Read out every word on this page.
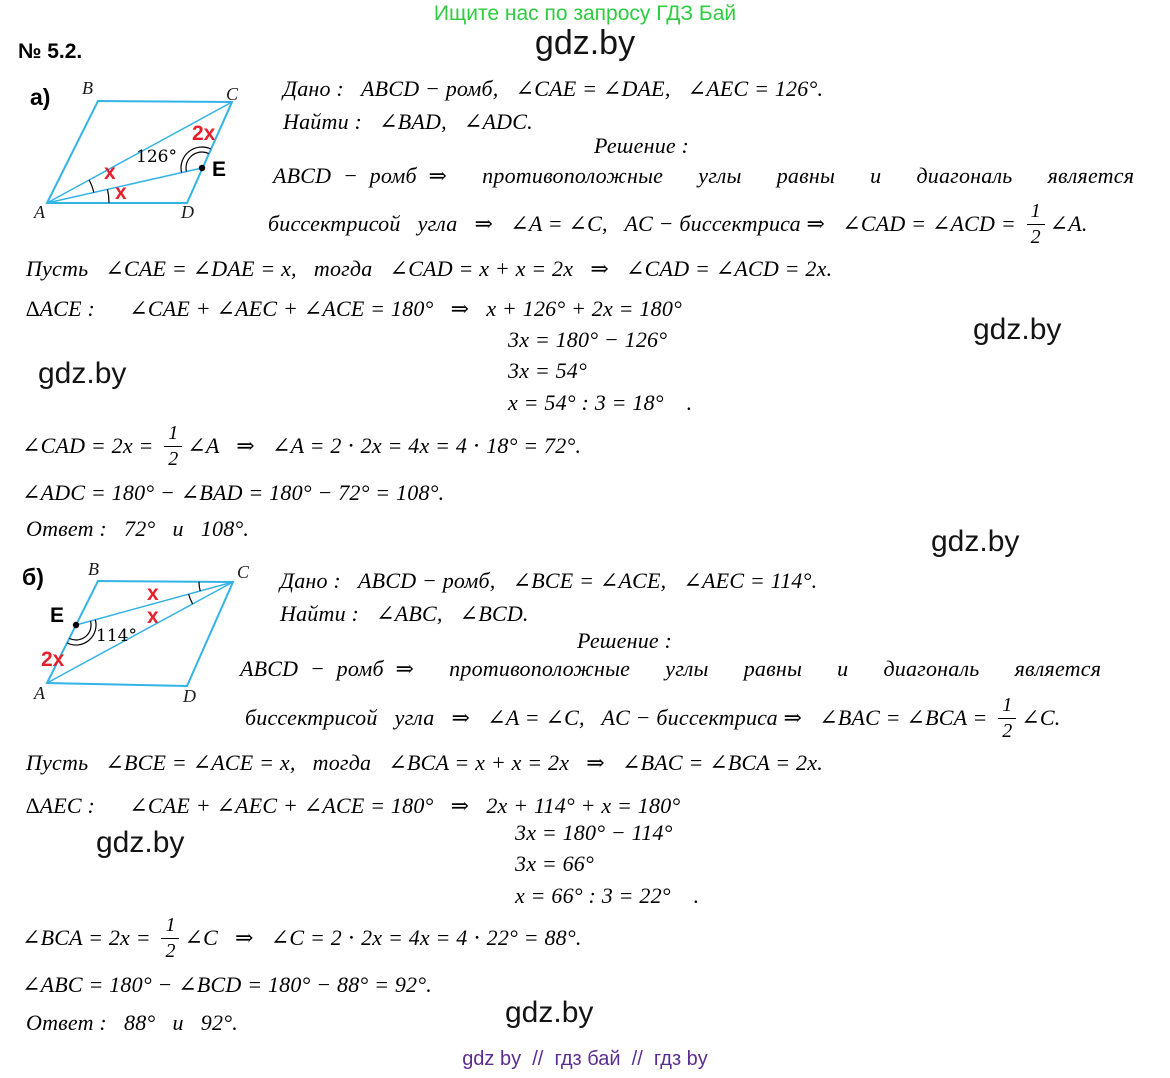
Ищите нас по запросу ГДЗ Бай
gdz.by
№ 5.2.
а) B	C
A	D
E
2x
126°
x
x
Дано :   ABCD − ромб,   ∠CAE = ∠DAE,   ∠AEC = 126°.
Найти :   ∠BAD,   ∠ADC.
Решение :
ABCD − ромб ⇒   противоположные   углы   равны   и   диагональ   является
биссектрисой   угла   ⇒   ∠A = ∠C,   AC − биссектриса ⇒   ∠CAD = ∠ACD = $\frac{1}{2}$ ∠A.
Пусть   ∠CAE = ∠DAE = x,   тогда   ∠CAD = x + x = 2x   ⇒   ∠CAD = ∠ACD = 2x.
∆ACE :      ∠CAE + ∠AEC + ∠ACE = 180°   ⇒   x + 126° + 2x = 180°
3x = 180° − 126°
3x = 54°
x = 54° : 3 = 18°    .
gdz.by
gdz.by
∠CAD = $2x = \frac{1}{2}$ ∠A   ⇒   ∠A = 2 ⋅ 2x = 4x = 4 ⋅ 18° = 72°.
∠ADC = 180° − ∠BAD = 180° − 72° = 108°.
Ответ :   72°   и   108°.	gdz.by
б) B	C
A	D
E
x
x
114°
2x
Дано :   ABCD − ромб,   ∠BCE = ∠ACE,   ∠AEC = 114°.
Найти :   ∠ABC,   ∠BCD.
Решение :
ABCD − ромб ⇒   противоположные   углы   равны   и   диагональ   является
биссектрисой   угла   ⇒   ∠A = ∠C,   AC − биссектриса ⇒   ∠BAC = ∠BCA = $\frac{1}{2}$ ∠C.
Пусть   ∠BCE = ∠ACE = x,   тогда   ∠BCA = x + x = 2x   ⇒   ∠BAC = ∠BCA = 2x.
∆AEC :      ∠CAE + ∠AEC + ∠ACE = 180°   ⇒   2x + 114° + x = 180°
3x = 180° − 114°
3x = 66°
x = 66° : 3 = 22°    .
gdz.by
∠BCA = $2x = \frac{1}{2}$ ∠C   ⇒   ∠C = 2 ⋅ 2x = 4x = 4 ⋅ 22° = 88°.
∠ABC = 180° − ∠BCD = 180° − 88° = 92°.
Ответ :   88°   и   92°.	gdz.by
gdz by  //  гдз бай  //  гдз by
